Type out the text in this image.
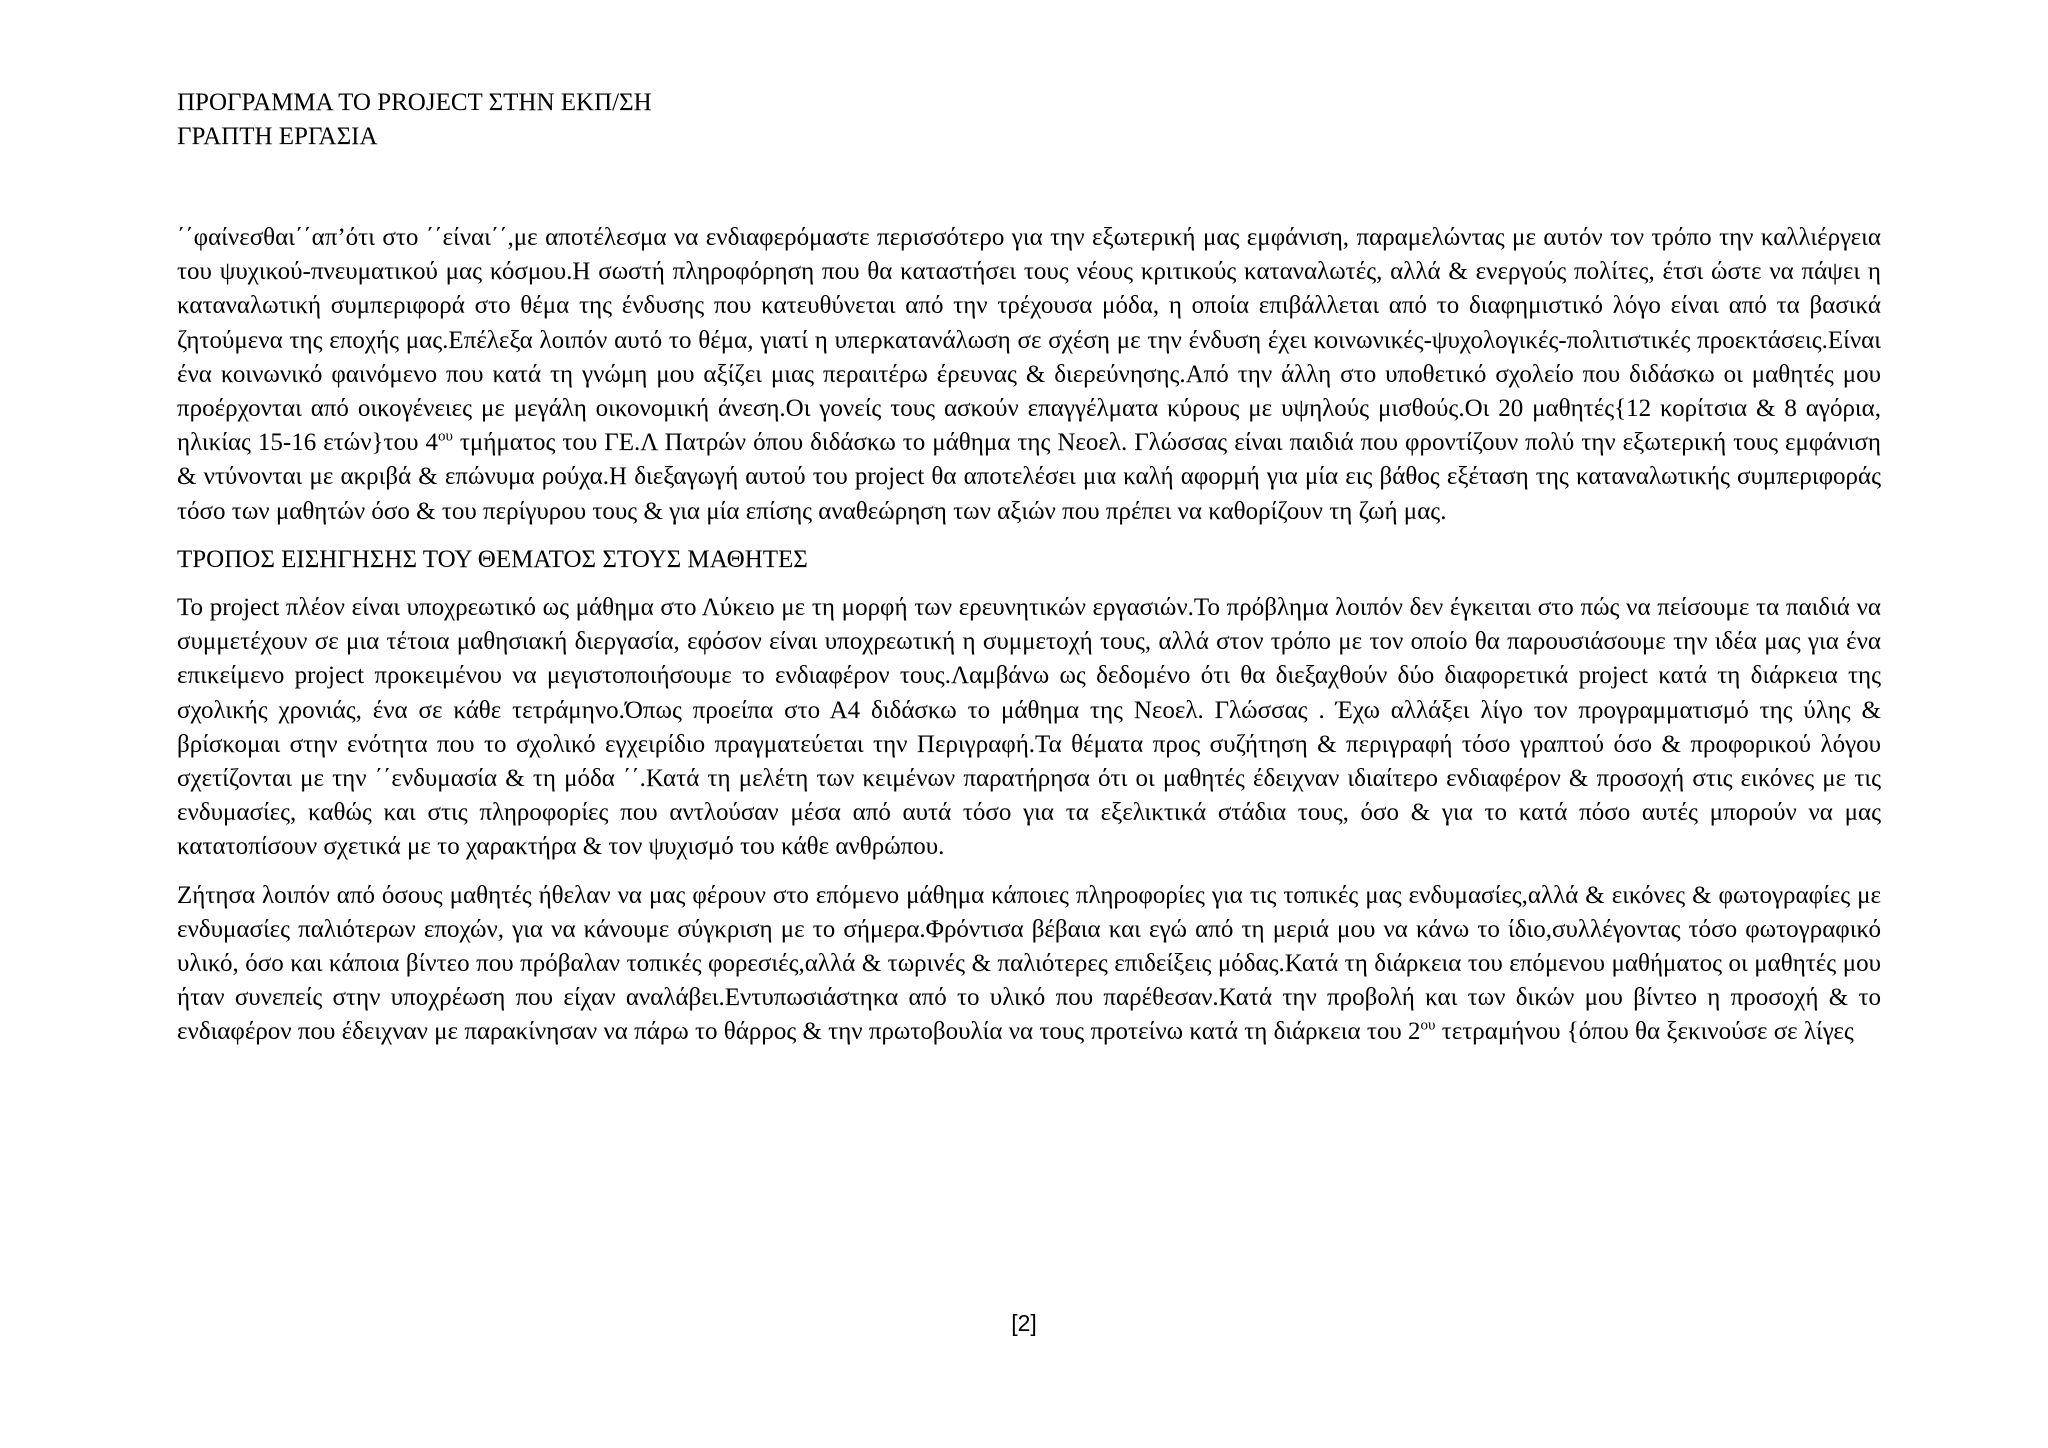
ΠΡΟΓΡΑΜΜΑ ΤΟ PROJECT ΣΤΗΝ ΕΚΠ/ΣΗ
ΓΡΑΠΤΗ ΕΡΓΑΣΙΑ

΄΄φαίνεσθαι΄΄απ’ότι στο ΄΄είναι΄΄,με αποτέλεσμα να ενδιαφερόμαστε περισσότερο για την εξωτερική μας εμφάνιση, παραμελώντας με αυτόν τον τρόπο την καλλιέργεια του ψυχικού-πνευματικού μας κόσμου.Η σωστή πληροφόρηση που θα καταστήσει τους νέους κριτικούς καταναλωτές, αλλά & ενεργούς πολίτες, έτσι ώστε να πάψει η καταναλωτική συμπεριφορά στο θέμα της ένδυσης που κατευθύνεται από την τρέχουσα μόδα, η οποία επιβάλλεται από το διαφημιστικό λόγο είναι από τα βασικά ζητούμενα της εποχής μας.Επέλεξα λοιπόν αυτό το θέμα, γιατί η υπερκατανάλωση σε σχέση με την ένδυση έχει κοινωνικές-ψυχολογικές-πολιτιστικές προεκτάσεις.Είναι ένα κοινωνικό φαινόμενο που κατά τη γνώμη μου αξίζει μιας περαιτέρω έρευνας & διερεύνησης.Από την άλλη στο υποθετικό σχολείο που διδάσκω οι μαθητές μου προέρχονται από οικογένειες με μεγάλη οικονομική άνεση.Οι γονείς τους ασκούν επαγγέλματα κύρους με υψηλούς μισθούς.Οι 20 μαθητές{12 κορίτσια & 8 αγόρια, ηλικίας 15-16 ετών}του $4^{o\upsilon}$ τμήματος του ΓΕ.Λ Πατρών όπου διδάσκω το μάθημα της Νεοελ. Γλώσσας είναι παιδιά που φροντίζουν πολύ την εξωτερική τους εμφάνιση & ντύνονται με ακριβά & επώνυμα ρούχα.Η διεξαγωγή αυτού του project θα αποτελέσει μια καλή αφορμή για μία εις βάθος εξέταση της καταναλωτικής συμπεριφοράς τόσο των μαθητών όσο & του περίγυρου τους & για μία επίσης αναθεώρηση των αξιών που πρέπει να καθορίζουν τη ζωή μας.

ΤΡΟΠΟΣ ΕΙΣΗΓΗΣΗΣ ΤΟΥ ΘΕΜΑΤΟΣ ΣΤΟΥΣ ΜΑΘΗΤΕΣ

Το project πλέον είναι υποχρεωτικό ως μάθημα στο Λύκειο με τη μορφή των ερευνητικών εργασιών.Το πρόβλημα λοιπόν δεν έγκειται στο πώς να πείσουμε τα παιδιά να συμμετέχουν σε μια τέτοια μαθησιακή διεργασία, εφόσον είναι υποχρεωτική η συμμετοχή τους, αλλά στον τρόπο με τον οποίο θα παρουσιάσουμε την ιδέα μας για ένα επικείμενο project προκειμένου να μεγιστοποιήσουμε το ενδιαφέρον τους.Λαμβάνω ως δεδομένο ότι θα διεξαχθούν δύο διαφορετικά project κατά τη διάρκεια της σχολικής χρονιάς, ένα σε κάθε τετράμηνο.Όπως προείπα στο Α4 διδάσκω το μάθημα της Νεοελ. Γλώσσας . Έχω αλλάξει λίγο τον προγραμματισμό της ύλης & βρίσκομαι στην ενότητα που το σχολικό εγχειρίδιο πραγματεύεται την Περιγραφή.Τα θέματα προς συζήτηση & περιγραφή τόσο γραπτού όσο & προφορικού λόγου σχετίζονται με την ΄΄ενδυμασία & τη μόδα ΄΄.Κατά τη μελέτη των κειμένων παρατήρησα ότι οι μαθητές έδειχναν ιδιαίτερο ενδιαφέρον & προσοχή στις εικόνες με τις ενδυμασίες, καθώς και στις πληροφορίες που αντλούσαν μέσα από αυτά τόσο για τα εξελικτικά στάδια τους, όσο & για το κατά πόσο αυτές μπορούν να μας κατατοπίσουν σχετικά με το χαρακτήρα & τον ψυχισμό του κάθε ανθρώπου.

Ζήτησα λοιπόν από όσους μαθητές ήθελαν να μας φέρουν στο επόμενο μάθημα κάποιες πληροφορίες για τις τοπικές μας ενδυμασίες,αλλά & εικόνες & φωτογραφίες με ενδυμασίες παλιότερων εποχών, για να κάνουμε σύγκριση με το σήμερα.Φρόντισα βέβαια και εγώ από τη μεριά μου να κάνω το ίδιο,συλλέγοντας τόσο φωτογραφικό υλικό, όσο και κάποια βίντεο που πρόβαλαν τοπικές φορεσιές,αλλά & τωρινές & παλιότερες επιδείξεις μόδας.Κατά τη διάρκεια του επόμενου μαθήματος οι μαθητές μου ήταν συνεπείς στην υποχρέωση που είχαν αναλάβει.Εντυπωσιάστηκα από το υλικό που παρέθεσαν.Κατά την προβολή και των δικών μου βίντεο η προσοχή & το ενδιαφέρον που έδειχναν με παρακίνησαν να πάρω το θάρρος & την πρωτοβουλία να τους προτείνω κατά τη διάρκεια του $2^{o\upsilon}$ τετραμήνου {όπου θα ξεκινούσε σε λίγες

[2]
